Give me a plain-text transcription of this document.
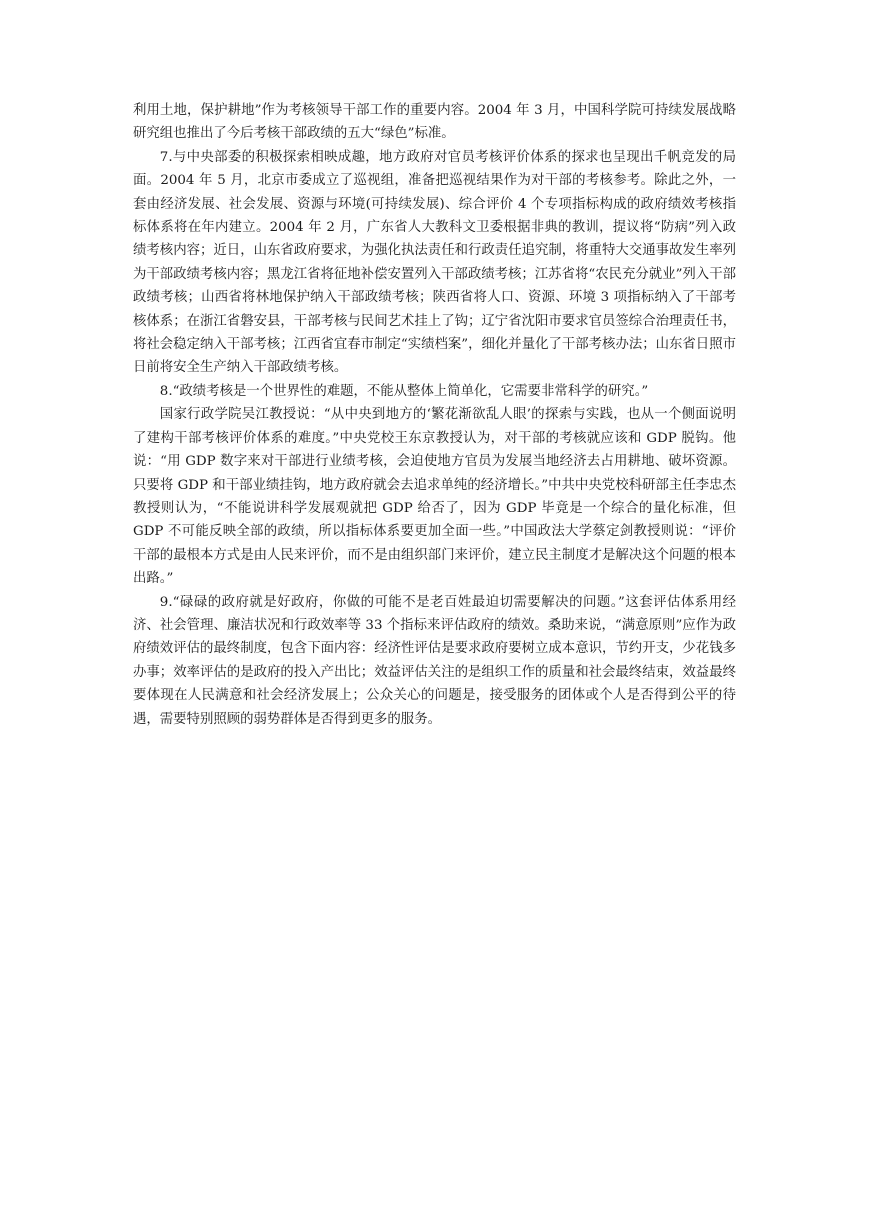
利用土地，保护耕地”作为考核领导干部工作的重要内容。2004 年 3 月，中国科学院可持续发展战略研究组也推出了今后考核干部政绩的五大“绿色”标准。

7.与中央部委的积极探索相映成趣，地方政府对官员考核评价体系的探求也呈现出千帆竞发的局面。2004 年 5 月，北京市委成立了巡视组，准备把巡视结果作为对干部的考核参考。除此之外，一套由经济发展、社会发展、资源与环境(可持续发展)、综合评价 4 个专项指标构成的政府绩效考核指标体系将在年内建立。2004 年 2 月，广东省人大教科文卫委根据非典的教训，提议将“防病”列入政绩考核内容；近日，山东省政府要求，为强化执法责任和行政责任追究制，将重特大交通事故发生率列为干部政绩考核内容；黑龙江省将征地补偿安置列入干部政绩考核；江苏省将“农民充分就业”列入干部政绩考核；山西省将林地保护纳入干部政绩考核；陕西省将人口、资源、环境 3 项指标纳入了干部考核体系；在浙江省磐安县，干部考核与民间艺术挂上了钩；辽宁省沈阳市要求官员签综合治理责任书，将社会稳定纳入干部考核；江西省宜春市制定“实绩档案”，细化并量化了干部考核办法；山东省日照市日前将安全生产纳入干部政绩考核。

8.“政绩考核是一个世界性的难题，不能从整体上简单化，它需要非常科学的研究。”

国家行政学院吴江教授说：“从中央到地方的‘繁花渐欲乱人眼’的探索与实践，也从一个侧面说明了建构干部考核评价体系的难度。”中央党校王东京教授认为，对干部的考核就应该和 GDP 脱钩。他说：“用 GDP 数字来对干部进行业绩考核，会迫使地方官员为发展当地经济去占用耕地、破坏资源。只要将 GDP 和干部业绩挂钩，地方政府就会去追求单纯的经济增长。”中共中央党校科研部主任李忠杰教授则认为，“不能说讲科学发展观就把 GDP 给否了，因为 GDP 毕竟是一个综合的量化标准，但 GDP 不可能反映全部的政绩，所以指标体系要更加全面一些。”中国政法大学蔡定剑教授则说：“评价干部的最根本方式是由人民来评价，而不是由组织部门来评价，建立民主制度才是解决这个问题的根本出路。”

9.“碌碌的政府就是好政府，你做的可能不是老百姓最迫切需要解决的问题。”这套评估体系用经济、社会管理、廉洁状况和行政效率等 33 个指标来评估政府的绩效。桑助来说，“满意原则”应作为政府绩效评估的最终制度，包含下面内容：经济性评估是要求政府要树立成本意识，节约开支，少花钱多办事；效率评估的是政府的投入产出比；效益评估关注的是组织工作的质量和社会最终结束，效益最终要体现在人民满意和社会经济发展上；公众关心的问题是，接受服务的团体或个人是否得到公平的待遇，需要特别照顾的弱势群体是否得到更多的服务。
